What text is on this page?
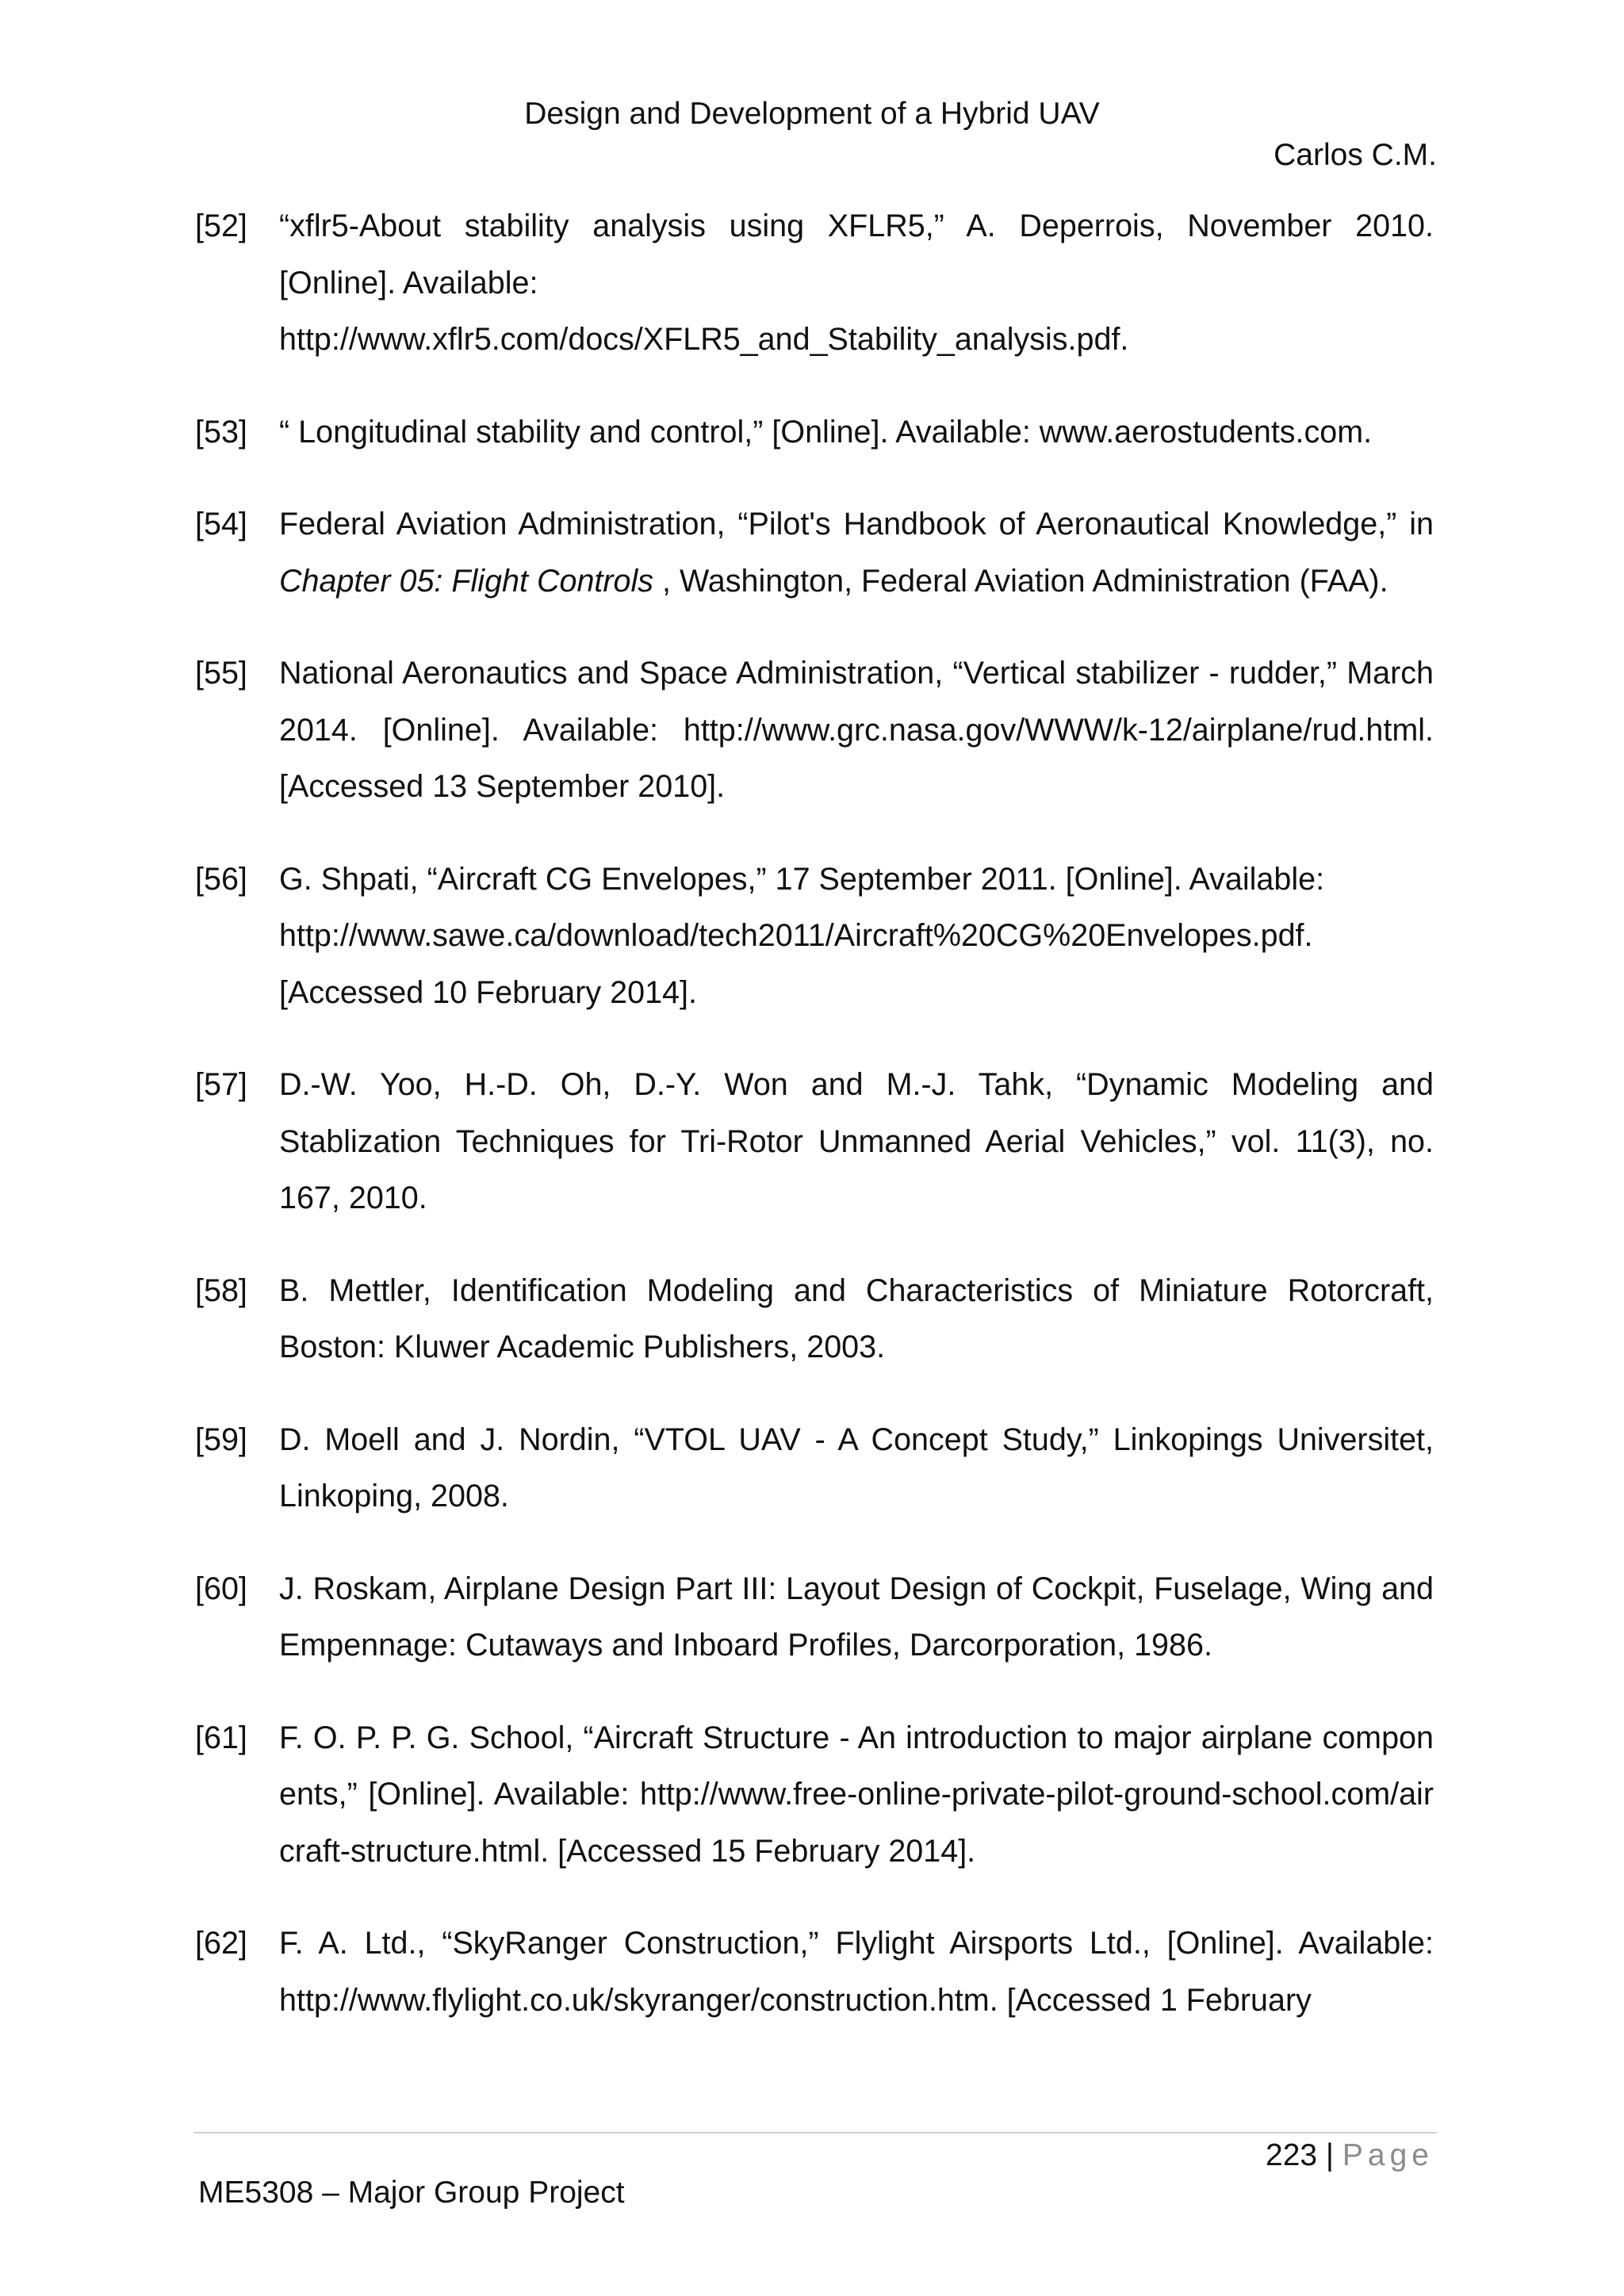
Design and Development of a Hybrid UAV
Carlos C.M.
[52] “xflr5-About stability analysis using XFLR5,” A. Deperrois, November 2010. [Online]. Available:
http://www.xflr5.com/docs/XFLR5_and_Stability_analysis.pdf.
[53] “ Longitudinal stability and control,” [Online]. Available: www.aerostudents.com.
[54] Federal Aviation Administration, “Pilot's Handbook of Aeronautical Knowledge,” in Chapter 05: Flight Controls , Washington, Federal Aviation Administration (FAA).
[55] National Aeronautics and Space Administration, “Vertical stabilizer - rudder,” March 2014. [Online]. Available: http://www.grc.nasa.gov/WWW/k-12/airplane/rud.html. [Accessed 13 September 2010].
[56] G. Shpati, “Aircraft CG Envelopes,” 17 September 2011. [Online]. Available:
http://www.sawe.ca/download/tech2011/Aircraft%20CG%20Envelopes.pdf.
[Accessed 10 February 2014].
[57] D.-W. Yoo, H.-D. Oh, D.-Y. Won and M.-J. Tahk, “Dynamic Modeling and Stablization Techniques for Tri-Rotor Unmanned Aerial Vehicles,” vol. 11(3), no. 167, 2010.
[58] B. Mettler, Identification Modeling and Characteristics of Miniature Rotorcraft, Boston: Kluwer Academic Publishers, 2003.
[59] D. Moell and J. Nordin, “VTOL UAV - A Concept Study,” Linkopings Universitet, Linkoping, 2008.
[60] J. Roskam, Airplane Design Part III: Layout Design of Cockpit, Fuselage, Wing and Empennage: Cutaways and Inboard Profiles, Darcorporation, 1986.
[61] F. O. P. P. G. School, “Aircraft Structure - An introduction to major airplane components,” [Online]. Available: http://www.free-online-private-pilot-ground-school.com/aircraft-structure.html. [Accessed 15 February 2014].
[62] F. A. Ltd., “SkyRanger Construction,” Flylight Airsports Ltd., [Online]. Available: http://www.flylight.co.uk/skyranger/construction.htm. [Accessed 1 February
223 | Page
ME5308 – Major Group Project
